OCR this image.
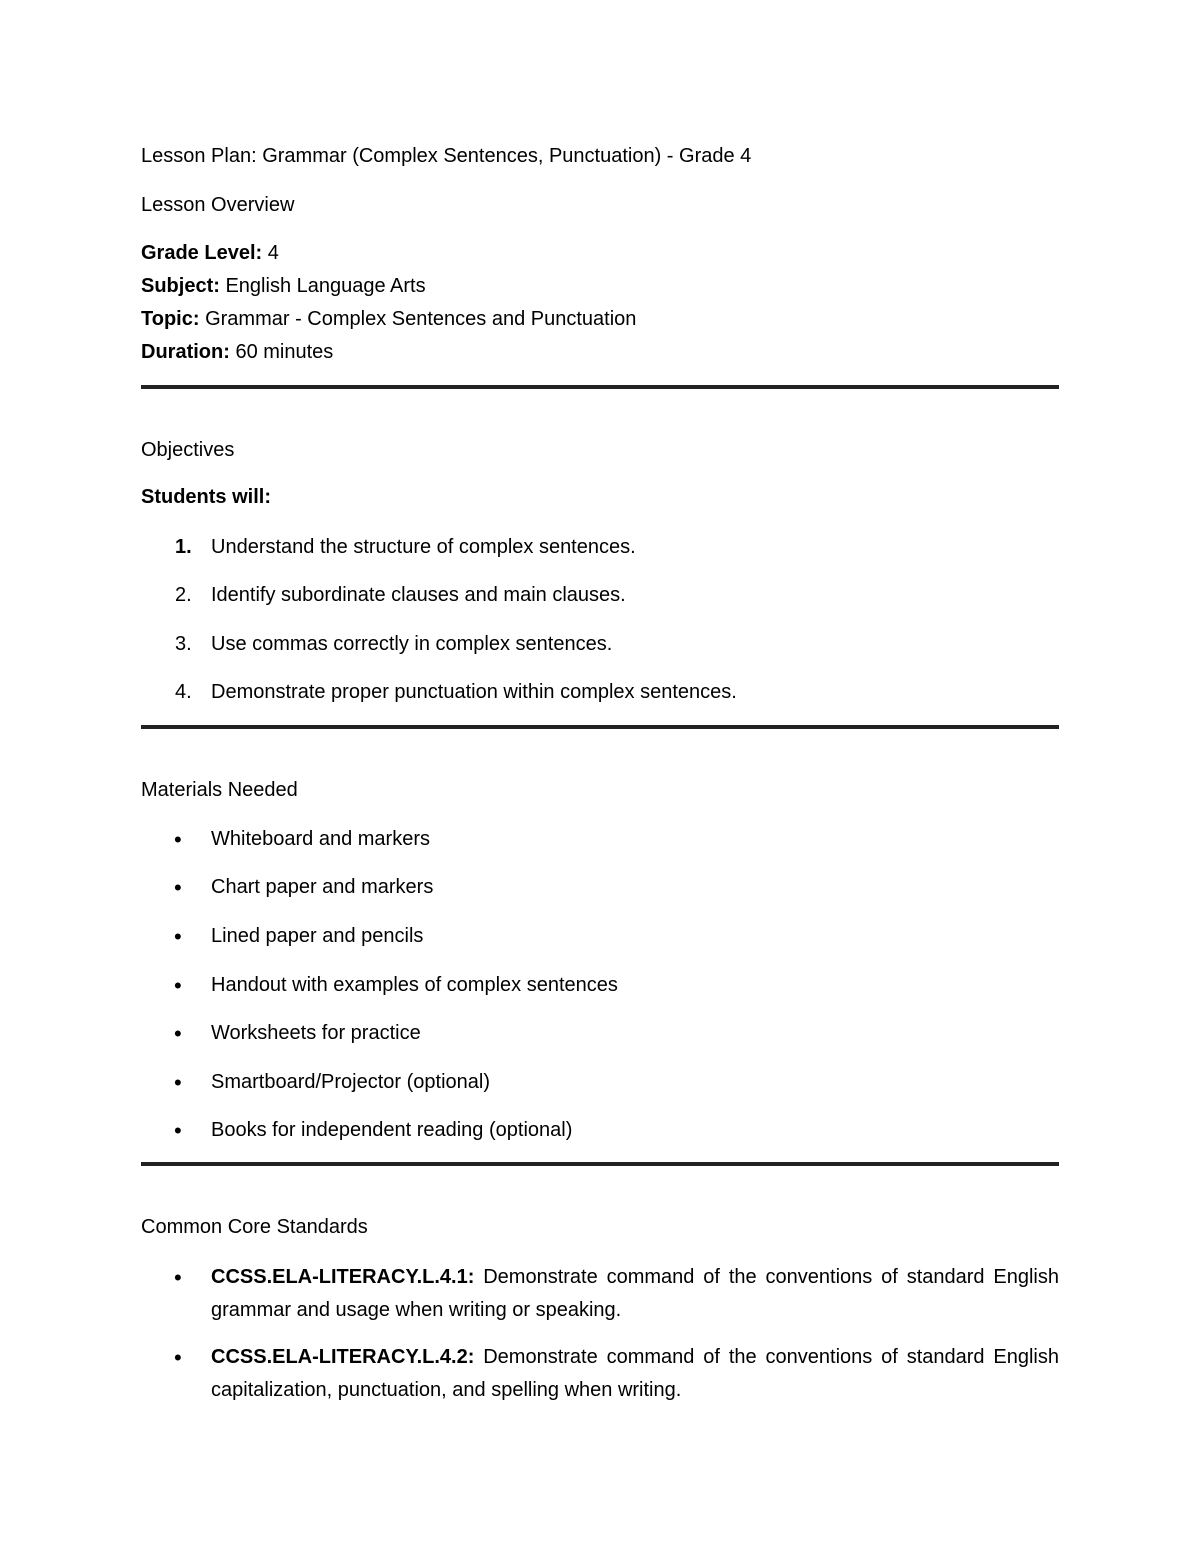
Lesson Plan: Grammar (Complex Sentences, Punctuation) - Grade 4
Lesson Overview
Grade Level: 4
Subject: English Language Arts
Topic: Grammar - Complex Sentences and Punctuation
Duration: 60 minutes
Objectives
Students will:
1. Understand the structure of complex sentences.
2. Identify subordinate clauses and main clauses.
3. Use commas correctly in complex sentences.
4. Demonstrate proper punctuation within complex sentences.
Materials Needed
• Whiteboard and markers
• Chart paper and markers
• Lined paper and pencils
• Handout with examples of complex sentences
• Worksheets for practice
• Smartboard/Projector (optional)
• Books for independent reading (optional)
Common Core Standards
• CCSS.ELA-LITERACY.L.4.1: Demonstrate command of the conventions of standard English grammar and usage when writing or speaking.
• CCSS.ELA-LITERACY.L.4.2: Demonstrate command of the conventions of standard English capitalization, punctuation, and spelling when writing.
